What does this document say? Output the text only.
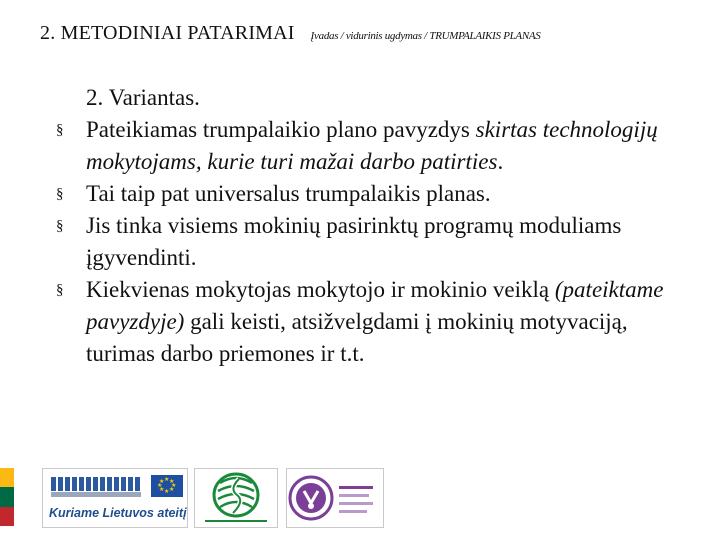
2. METODINIAI PATARIMAI Įvadas / vidurinis ugdymas / TRUMPALAIKIS PLANAS
2. Variantas.
§ Pateikiamas trumpalaikio plano pavyzdys skirtas technologijų mokytojams, kurie turi mažai darbo patirties.
§ Tai taip pat universalus trumpalaikis planas.
§ Jis tinka visiems mokinių pasirinktų programų moduliams įgyvendinti.
§ Kiekvienas mokytojas mokytojo ir mokinio veiklą (pateiktame pavyzdyje) gali keisti, atsižvelgdami į mokinių motyvaciją, turimas darbo priemones ir t.t.
★ ★
★
★
★
★
★
★
Kuriame Lietuvos ateitį
